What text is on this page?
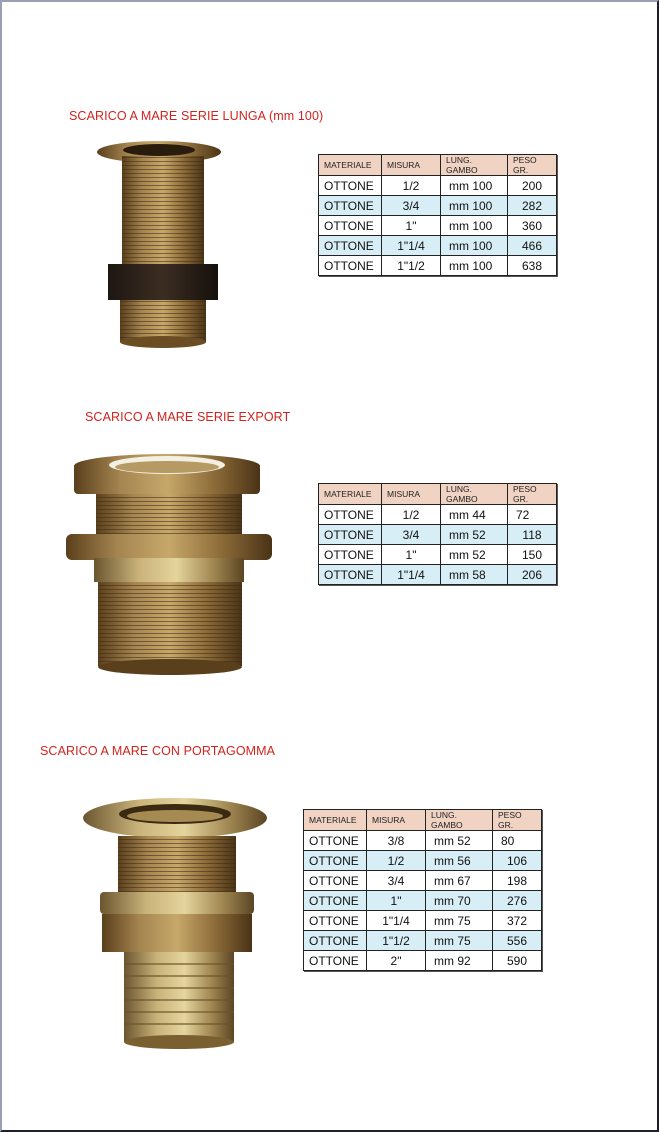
SCARICO A MARE SERIE LUNGA (mm 100)
MATERIALE	MISURA	LUNG. GAMBO	PESO GR.
OTTONE	1/2	mm 100	200
OTTONE	3/4	mm 100	282
OTTONE	1"	mm 100	360
OTTONE	1"1/4	mm 100	466
OTTONE	1"1/2	mm 100	638
SCARICO A MARE SERIE EXPORT
MATERIALE	MISURA	LUNG. GAMBO	PESO GR.
OTTONE	1/2	mm 44	72
OTTONE	3/4	mm 52	118
OTTONE	1"	mm 52	150
OTTONE	1"1/4	mm 58	206
SCARICO A MARE CON PORTAGOMMA
MATERIALE	MISURA	LUNG. GAMBO	PESO GR.
OTTONE	3/8	mm 52	80
OTTONE	1/2	mm 56	106
OTTONE	3/4	mm 67	198
OTTONE	1"	mm 70	276
OTTONE	1"1/4	mm 75	372
OTTONE	1"1/2	mm 75	556
OTTONE	2"	mm 92	590
